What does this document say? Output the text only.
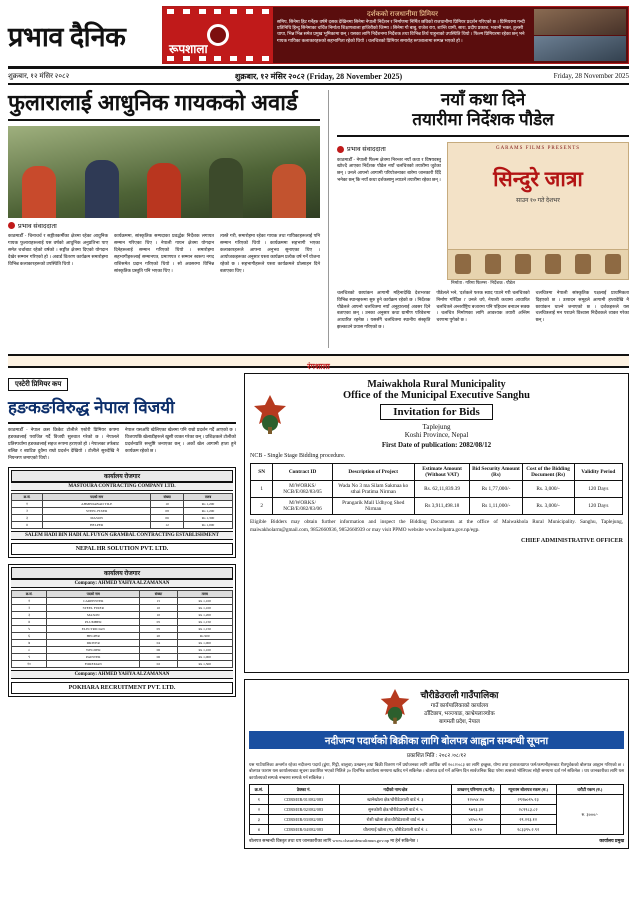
प्रभाव दैनिक	रूपशाला
दर्शकको राजधानीमा प्रिमियर
समिप, सिनेमा हिट गर्नेहरु वर्षमै दसक देखिनमा सिनेमा नेपाली निर्देशन र निर्माणमा निर्मित छविको राजधानीमा प्रिमियर प्रदर्शन गरिएको छ । प्रिमियरमा गन्दी प्रतिनिधि हिन्दु सिनेमाका चर्चित निर्माता शिक्षणशाला हाजिरीकाे जिम्मा । सिनेमा गाै बाबु, राजेश राय, शान्ति धामी, सारा, प्रदीप प्रकाश, भवानी भक्त, तुलसी थापा, भिन्न भिन्न समेत प्रमुख भूमिकामा छन् । यसका लागि निर्देशनमा निर्देशक तथा विभिन्न तिर्थ पाहुनाको उपस्थिति थियो । फिल्म प्रिमियरमा रहेका छन् भने गायक गायिका कलाकारहरुको सहभागिता रहेको थियो । चलचित्रको प्रिमियर समारोह रूपशालामा सम्पन्न भएको हो ।
शुक्रबार, १२ मंसिर २०८२	शुक्रबार, १२ मंसिर २०८२ (Friday, 28 November 2025)	Friday, 28 November 2025
फुलारालाई आधुनिक गायकको अवार्ड
प्रभाव संवाददाता
काठमाडौँ - चिनाचर्च र सङ्गीतकर्मीका क्षेत्रमा रहेका आधुनिक गायक फुलाराहरूलाई यस वर्षको आधुनिक अनुप्रतिभा पाए समेत चर्चाबाट रहेको वर्षको । सङ्गीत क्षेत्रमा दिएको योगदान देखेर सम्मान गरिएको हो । अवार्ड वितरण कार्यक्रम समारोहमा विभिन्न कलाकारहरूको उपस्थिति थियो ।
कार्यक्रममा, सांस्कृतिक सम्पदाका प्रवर्द्धक निर्देशक लगायत सम्मान गरिएका थिए । नेपाली गायन क्षेत्रमा योगदान दिनेहरूलाई सम्मान गरिएको थियो । समारोहमा सहभागीहरूलाई सम्मानपत्र, प्रमाणपत्र र सम्मान स्वरूप नगद राशिसमेत प्रदान गरिएको थियो । सो अवसरमा विभिन्न सांस्कृतिक प्रस्तुति पनि भएका थिए ।
त्यस्तै गरी, समारोहमा रहेका गायक तथा गायिकाहरूलाई पनि सम्मान गरिएको थियो । कार्यक्रममा सहभागी भएका कलाकारहरूले आफ्ना अनुभव सुनाएका थिए । आयोजकहरूका अनुसार यस्ता कार्यक्रम प्रत्येक वर्ष गर्ने योजना रहेको छ । सहभागीहरूले यस्ता कार्यक्रमले प्रोत्साहन दिने बताएका थिए ।
नयाँ कथा दिने
तयारीमा निर्देशक पौडेल
प्रभाव संवाददाता
काठमाडौँ - नेपाली फिल्म क्षेत्रमा निरन्तर नयाँ कथा र विषयवस्तु खोज्दै आएका निर्देशक पौडेल नयाँ चलचित्रको तयारीमा जुटेका छन् । उनले आफ्नो आगामी परियोजनाका बारेमा जानकारी दिँदै भनेका छन् कि नयाँ कथा दर्शकसामु ल्याउने तयारीमा रहेका छन् ।
GARAMS FILMS PRESENTS
सिन्दुरे जात्रा
साउन १० गते देशभर
निर्माता : गरिमा फिल्म्स · निर्देशक : पौडेल
चलचित्रको छायांकन आगामी महिनादेखि देशभरका विभिन्न स्थानहरूमा सुरु हुने कार्यक्रम रहेको छ । निर्देशक पौडेलले आफ्नो चलचित्रमा नयाँ अनुहारलाई अवसर दिने बताएका छन् । उनका अनुसार कथा ग्रामीण परिवेशमा आधारित रहनेछ । यससँगै चलचित्रमा स्थानीय संस्कृति झल्काउने प्रयास गरिएको छ ।
पौडेलले भने, 'दर्शकले फरक स्वाद पाउने गरी चलचित्रको निर्माण गरिँदैछ ।' उनले थपे, नेपाली कथामा आधारित चलचित्रले अन्तर्राष्ट्रिय बजारमा पनि पहिचान बनाउन सक्छ । चलचित्र निर्माणका लागि आवश्यक तयारी अन्तिम चरणमा पुगेको छ ।
चलचित्रमा नेपाली सांस्कृतिक पक्षलाई प्राथमिकता दिइएको छ । उत्पादन समूहले आगामी हप्तादेखि नै छायांकन थाल्ने जनाएको छ । दर्शकहरूले यस चलचित्रलाई मन पराउने विश्वास निर्देशकले व्यक्त गरेका छन् ।
रंगशाला
एस्टेरी प्रिमियर कप
हङकङविरुद्ध नेपाल विजयी
काठमाडौँ - नेपाल क्रस क्रिकेट टोलीले एस्टेरी प्रिमियर कपमा हङकङलाई पराजित गर्दै विजयी सुरुवात गरेको छ । नेपालले प्रतिस्पर्धामा हङकङलाई सहज रूपमा हराएको हो । नेपालका तर्फबाट बलिङ र ब्याटिङ दुवैमा राम्रो प्रदर्शन देखियो । टोलीले सुरुदेखि नै नियन्त्रण जमाएको थियो ।
नेपाल यसअघि खेलिएका खेलमा पनि राम्रो प्रदर्शन गर्दै आएको छ । विजयपछि खेलाडीहरूले खुसी व्यक्त गरेका छन् । प्रशिक्षकले टोलीको प्रदर्शनप्रति सन्तुष्टि जनाएका छन् । अर्को खेल आगामी हप्ता हुने कार्यक्रम रहेको छ ।
कार्यालय रोजगार
MASTOURA CONTRACTING COMPANY LTD.
क्र.सं.	पदको नाम	संख्या	तलब
१	AHMEDABAD TILE	10	Rs 1,200
२	STEEL FIXER	08	Rs 1,200
३	MASON	06	Rs 1,300
४	HELPER	12	Rs 1,000
SALEM HADI BIN HADI AL FUYGN GRAMBAL CONTRACTING ESTABLISHMENT
NEPAL HR SOLUTION PVT. LTD.
कार्यालय रोजगार
Company: AHMED YAHYA ALZAMANAN
क्र.सं.	पदको नाम	संख्या	तलब
१	CARPENTER	15	Rs 1,100
२	STEEL FIXER	10	Rs 1,100
३	MASON	10	Rs 1,200
४	PLUMBER	05	Rs 1,150
५	ELECTRICIAN	05	Rs 1,150
६	HELPER	20	Rs 900
७	DRIVER	04	Rs 1,000
८	WELDER	06	Rs 1,100
९	PAINTER	06	Rs 1,000
१०	FOREMAN	02	Rs 1,500
Company: AHMED YAHYA ALZAMANAN
POKHARA RECRUITMENT PVT. LTD.
Maiwakhola Rural Municipality
Office of the Municipal Executive Sanghu
Invitation for Bids
Taplejung
Koshi Province, Nepal
First Date of publication: 2082/08/12
NCB - Single Stage Bidding procedure.
SN	Contract ID	Description of Project	Estimate Amount (Without VAT)	Bid Security Amount (Rs)	Cost of the Bidding Document (Rs)	Validity Period
1	M/WORKS/ NCB/E/082/83/05	Wada No 3 ma Silam Sakmaa ko sthai Pratima Nirman	Rs. 62,11,839.39	Rs 1,77,000/-	Rs. 3,000/-	120 Days
2	M/WORKS/ NCB/E/082/83/06	Prangarik Mall Udhyog Shed Nirman	Rs 3,911,498.18	Rs 1,11,000/-	Rs. 3,000/-	120 Days
Eligible Bidders may obtain further information and inspect the Bidding Documents at the office of Maiwakhola Rural Municipality. Sanghu, Taplejung, maiwakholarm@gmail.com, 9852660936, 9852660939 or may visit PPMO website www.bolpatra.gov.np/egp.
CHIEF ADMINISTRATIVE OFFICER
चौरीडेउराली गाउँपालिका
गाउँ कार्यपालिकाको कार्यालय
ठाँटिछाप, भञ्ज्याङ, काभ्रेपलाञ्चोक
बागमती प्रदेश, नेपाल
नदीजन्य पदार्थको बिक्रीका लागि बोलपत्र आह्वान सम्बन्धी सूचना
प्रकाशित मिति : २०८२ /०८/१२
यस गाउँपालिका अन्तर्गत रहेका नदीजन्य पदार्थ (ढुंगा, गिट्टी, बालुवा) उत्खनन् तथा बिक्री वितरण गर्ने प्रयोजनका लागि आर्थिक वर्ष २०८२/०८३ का लागि इच्छुक, योग्य तथा इजाजतप्राप्त फर्म/कम्पनीहरूबाट रीतपूर्वकको बोलपत्र आह्वान गरिएको छ । बोलपत्र फाराम यस कार्यालयबाट सूचना प्रकाशित भएको मितिले ३० दिनभित्र कार्यालय समयमा खरिद गर्न सकिनेछ । बोलपत्र दर्ता गर्ने अन्तिम दिन सार्वजनिक बिदा परेमा त्यसको भोलिपल्ट सोही समयमा दर्ता गर्न सकिनेछ । थप जानकारीका लागि यस कार्यालयको सम्पर्क नम्बरमा सम्पर्क गर्न सकिनेछ ।
क्र.सं.	ठेक्का नं.	नदीको नाम/क्षेत्र	उत्खनन् परिमाण (घ.मी.)	न्यूनतम बोलपत्र रकम (रु.)	धरौटी रकम (रु.)
१	CDRM/IR/01/082/083	खानेखोला क्षेत्र/चौरीडेउराली वार्ड नं. ३	१२०५४.२०	२९२७०१५.२३	रु. ३०००/-
२	CDRM/IR/02/082/083	सुनकोशी क्षेत्र/चौरीडेउराली वार्ड नं. ५	९७९३.३२	२८९९८३.८२	
३	CDRM/IR/03/082/083	रोशी खोला क्षेत्र/चौरीडेउराली वार्ड नं. ७	४१५०.९०	२९.२२३.१२	
४	CDRM/IR/04/082/083	चौलागाई खोला (ग), चौरीडेउराली वार्ड नं. ८	४८२.१०	२८३३९५.२.९२	
बोलपत्र सम्बन्धी विस्तृत तथा थप जानकारीका लागि www.chaurideuralimun.gov.np मा हेर्न सकिनेछ ।	कार्यालय प्रमुख
